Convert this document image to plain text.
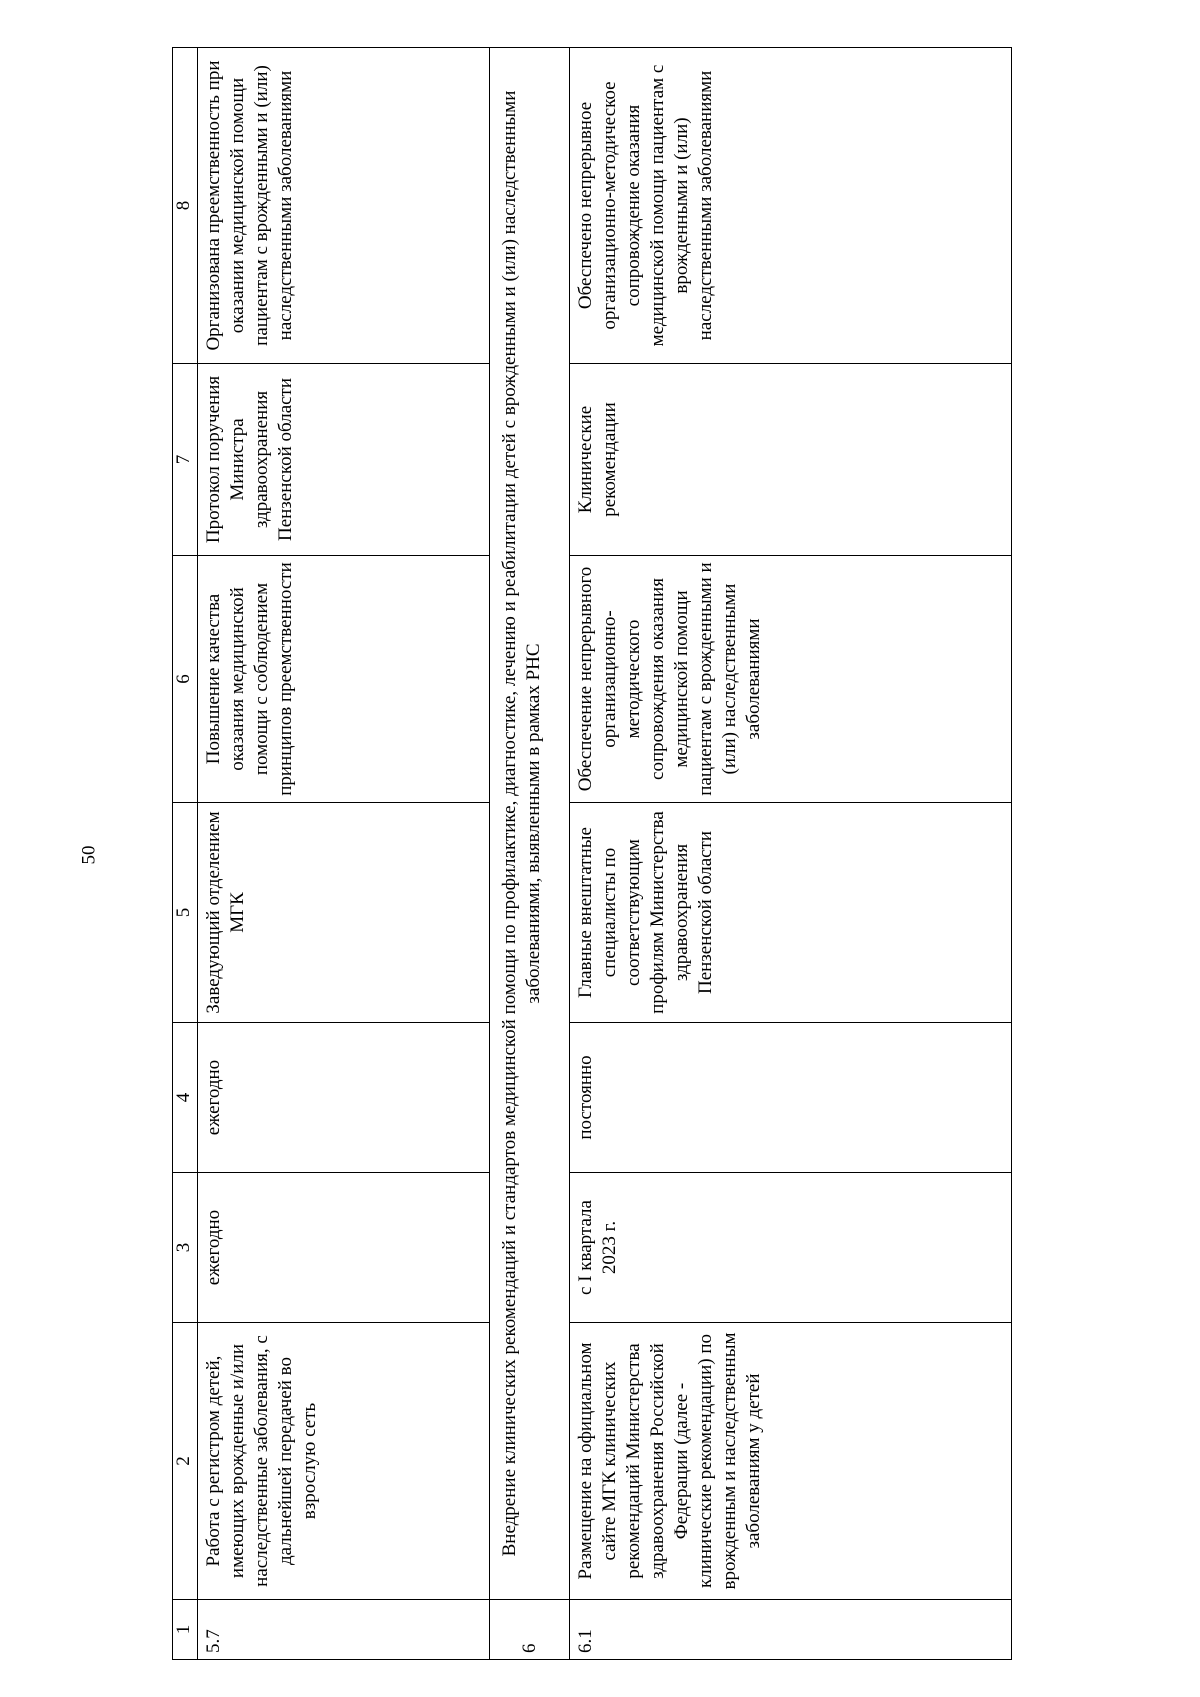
50
1	2	3	4	5	6	7	8
5.7	Работа с регистром детей, имеющих врожденные и/или наследственные заболевания, с дальнейшей передачей во взрослую сеть	ежегодно	ежегодно	Заведующий отделением МГК	Повышение качества оказания медицинской помощи с соблюдением принципов преемственности	Протокол поручения Министра здравоохранения Пензенской области	Организована преемственность при оказании медицинской помощи пациентам с врожденными и (или) наследственными заболеваниями
6	Внедрение клинических рекомендаций и стандартов медицинской помощи по профилактике, диагностике, лечению и реабилитации детей с врожденными и (или) наследственными заболеваниями, выявленными в рамках РНС						
6.1	Размещение на официальном сайте МГК клинических рекомендаций Министерства здравоохранения Российской Федерации (далее - клинические рекомендации) по врожденным и наследственным заболеваниям у детей	с I квартала 2023 г.	постоянно	Главные внештатные специалисты по соответствующим профилям Министерства здравоохранения Пензенской области	Обеспечение непрерывного организационно-методического сопровождения оказания медицинской помощи пациентам с врожденными и (или) наследственными заболеваниями	Клинические рекомендации	Обеспечено непрерывное организационно-методическое сопровождение оказания медицинской помощи пациентам с врожденными и (или) наследственными заболеваниями
